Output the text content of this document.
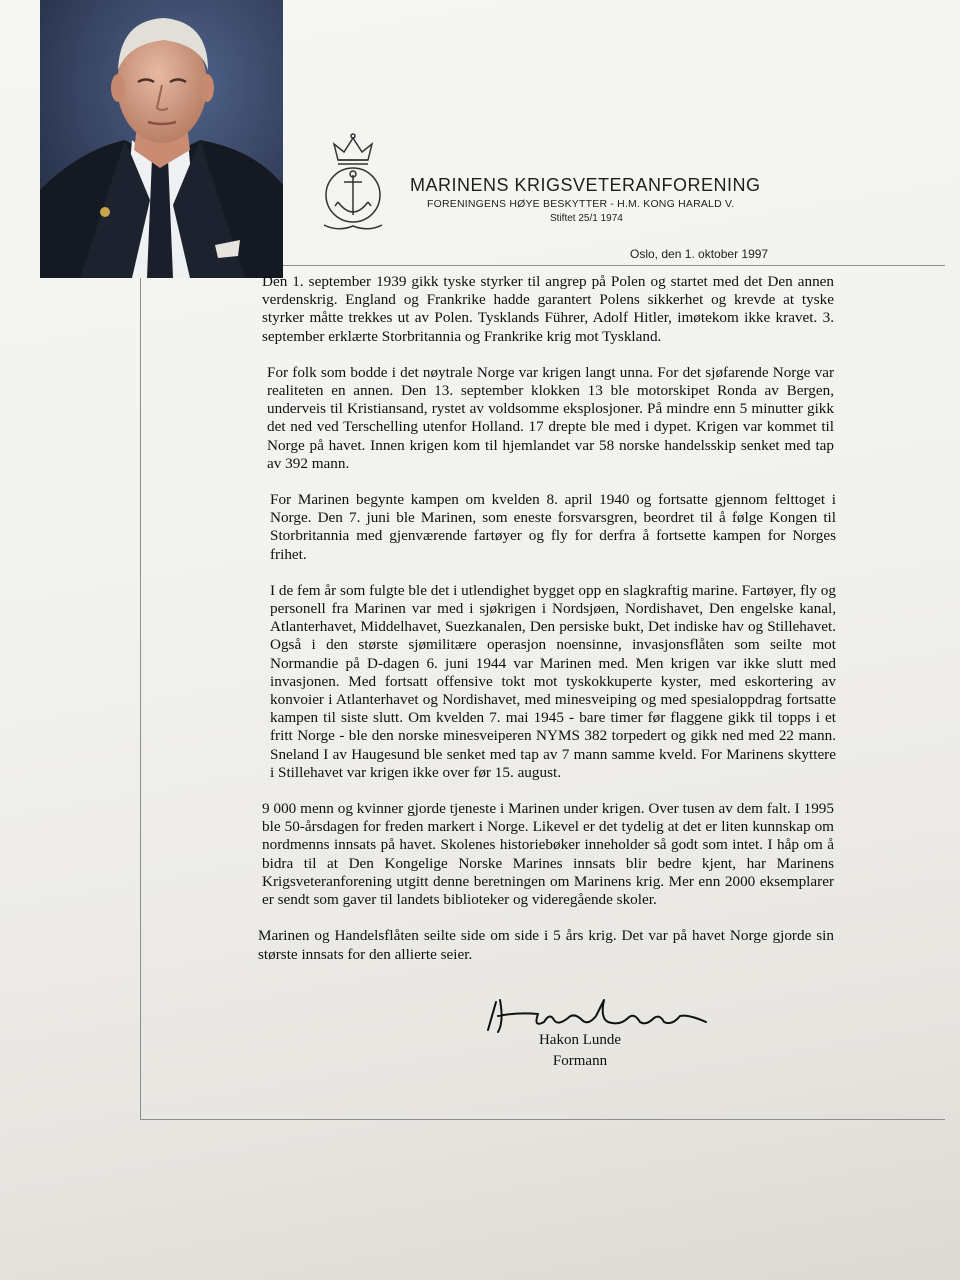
MARINENS KRIGSVETERANFORENING
FORENINGENS HØYE BESKYTTER - H.M. KONG HARALD V.
Stiftet 25/1 1974
Oslo, den 1. oktober 1997

Den 1. september 1939 gikk tyske styrker til angrep på Polen og startet med det Den annen verdenskrig. England og Frankrike hadde garantert Polens sikkerhet og krevde at tyske styrker måtte trekkes ut av Polen. Tysklands Führer, Adolf Hitler, imøtekom ikke kravet. 3. september erklærte Storbritannia og Frankrike krig mot Tyskland.

For folk som bodde i det nøytrale Norge var krigen langt unna. For det sjøfarende Norge var realiteten en annen. Den 13. september klokken 13 ble motorskipet Ronda av Bergen, underveis til Kristiansand, rystet av voldsomme eksplosjoner. På mindre enn 5 minutter gikk det ned ved Terschelling utenfor Holland. 17 drepte ble med i dypet. Krigen var kommet til Norge på havet. Innen krigen kom til hjemlandet var 58 norske handelsskip senket med tap av 392 mann.

For Marinen begynte kampen om kvelden 8. april 1940 og fortsatte gjennom felttoget i Norge. Den 7. juni ble Marinen, som eneste forsvarsgren, beordret til å følge Kongen til Storbritannia med gjenværende fartøyer og fly for derfra å fortsette kampen for Norges frihet.

I de fem år som fulgte ble det i utlendighet bygget opp en slagkraftig marine. Fartøyer, fly og personell fra Marinen var med i sjøkrigen i Nordsjøen, Nordishavet, Den engelske kanal, Atlanterhavet, Middelhavet, Suezkanalen, Den persiske bukt, Det indiske hav og Stillehavet. Også i den største sjømilitære operasjon noensinne, invasjonsflåten som seilte mot Normandie på D-dagen 6. juni 1944 var Marinen med. Men krigen var ikke slutt med invasjonen. Med fortsatt offensive tokt mot tyskokkuperte kyster, med eskortering av konvoier i Atlanterhavet og Nordishavet, med minesveiping og med spesialoppdrag fortsatte kampen til siste slutt. Om kvelden 7. mai 1945 - bare timer før flaggene gikk til topps i et fritt Norge - ble den norske minesveiperen NYMS 382 torpedert og gikk ned med 22 mann. Sneland I av Haugesund ble senket med tap av 7 mann samme kveld. For Marinens skyttere i Stillehavet var krigen ikke over før 15. august.

9 000 menn og kvinner gjorde tjeneste i Marinen under krigen. Over tusen av dem falt. I 1995 ble 50-årsdagen for freden markert i Norge. Likevel er det tydelig at det er liten kunnskap om nordmenns innsats på havet. Skolenes historiebøker inneholder så godt som intet. I håp om å bidra til at Den Kongelige Norske Marines innsats blir bedre kjent, har Marinens Krigsveteranforening utgitt denne beretningen om Marinens krig. Mer enn 2000 eksemplarer er sendt som gaver til landets biblioteker og videregående skoler.

Marinen og Handelsflåten seilte side om side i 5 års krig. Det var på havet Norge gjorde sin største innsats for den allierte seier.

Hakon Lunde
Formann
